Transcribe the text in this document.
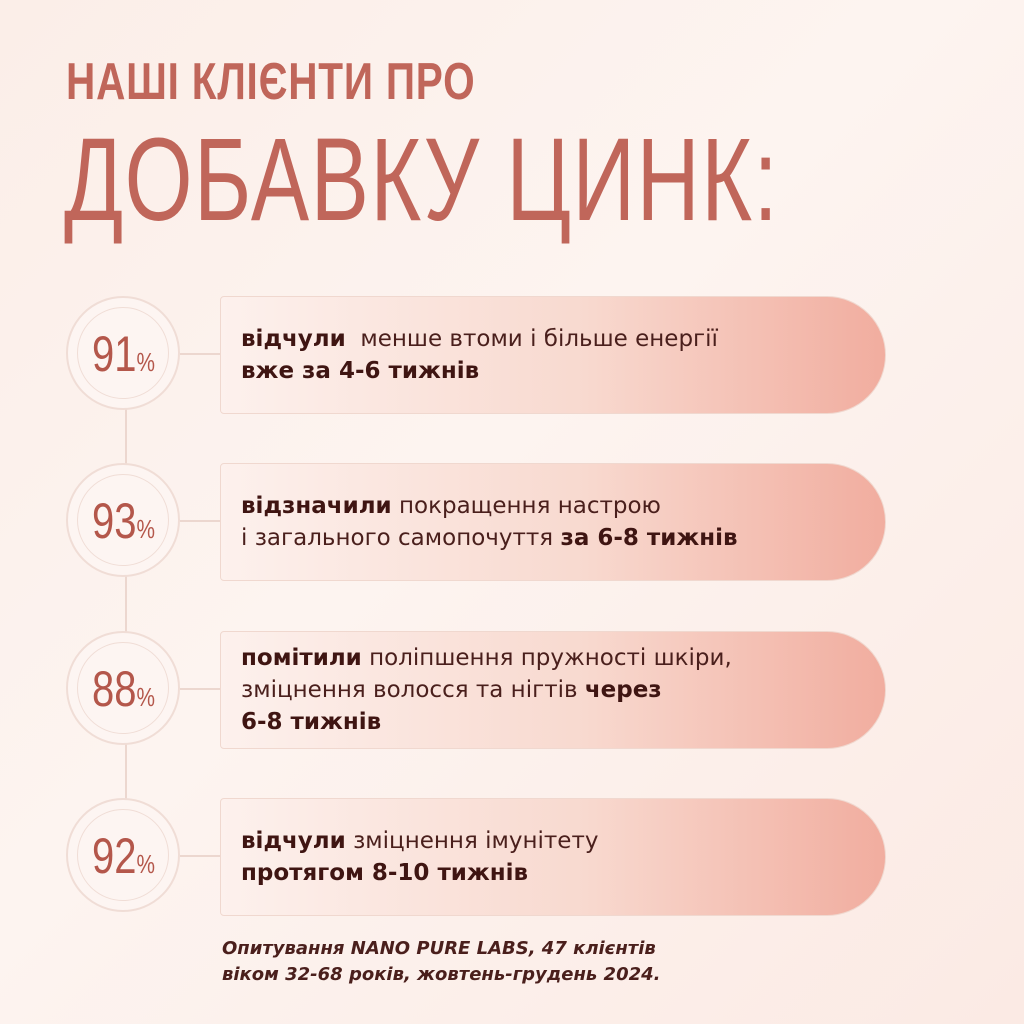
НАШІ КЛІЄНТИ ПРО
ДОБАВКУ ЦИНК:
91%

відчули  менше втоми і більше енергії
вже за 4-6 тижнів

93%

відзначили покращення настрою
і загального самопочуття за 6-8 тижнів

88%

помітили поліпшення пружності шкіри,
зміцнення волосся та нігтів через
6-8 тижнів

92%

відчули зміцнення імунітету
протягом 8-10 тижнів

Опитування NANO PURE LABS, 47 клієнтів
віком 32-68 років, жовтень-грудень 2024.
